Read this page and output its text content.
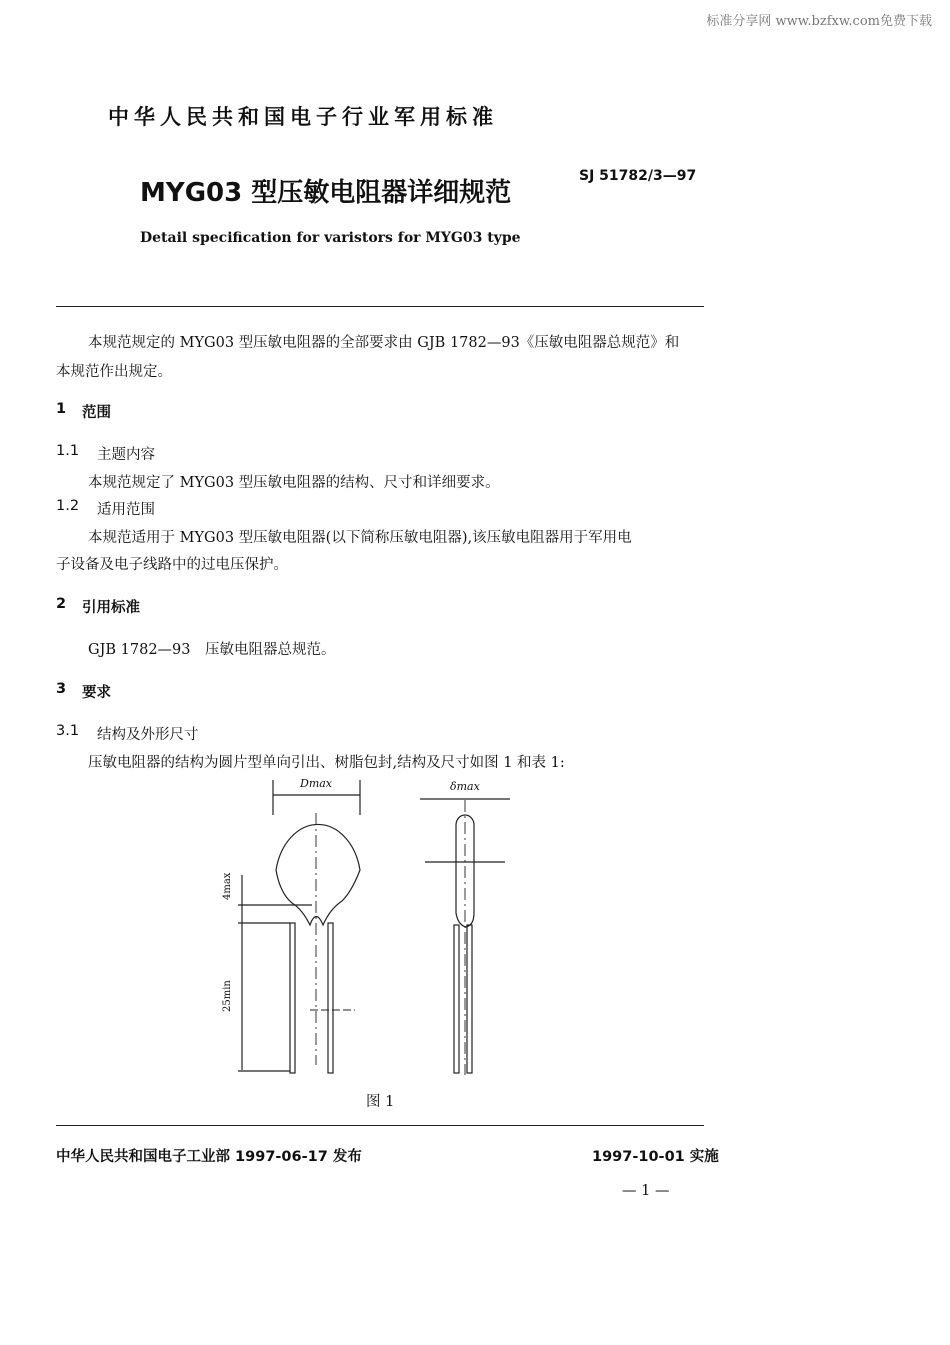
标准分享网 www.bzfxw.com免费下载
中华人民共和国电子行业军用标准
MYG03 型压敏电阻器详细规范
SJ 51782/3—97
Detail specification for varistors for MYG03 type
本规范规定的 MYG03 型压敏电阻器的全部要求由 GJB 1782—93《压敏电阻器总规范》和
本规范作出规定。
1 范围
1.1 主题内容
本规范规定了 MYG03 型压敏电阻器的结构、尺寸和详细要求。
1.2 适用范围
本规范适用于 MYG03 型压敏电阻器(以下简称压敏电阻器),该压敏电阻器用于军用电
子设备及电子线路中的过电压保护。
2 引用标准
GJB 1782—93　压敏电阻器总规范。
3 要求
3.1 结构及外形尺寸
压敏电阻器的结构为圆片型单向引出、树脂包封,结构及尺寸如图 1 和表 1:
Dmax	δmax
4max
25min
图 1
中华人民共和国电子工业部 1997-06-17 发布	1997-10-01 实施
— 1 —
